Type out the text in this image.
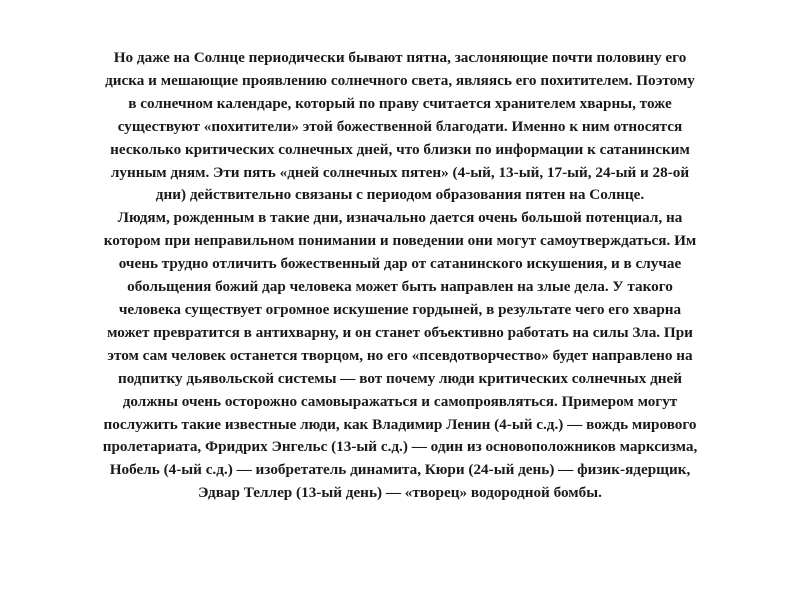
Но даже на Солнце периодически бывают пятна, заслоняющие почти половину его
диска и мешающие проявлению солнечного света, являясь его похитителем. Поэтому
в солнечном календаре, который по праву считается хранителем хварны, тоже
существуют «похитители» этой божественной благодати. Именно к ним относятся
несколько критических солнечных дней, что близки по информации к сатанинским
лунным дням. Эти пять «дней солнечных пятен» (4-ый, 13-ый, 17-ый, 24-ый и 28-ой
дни) действительно связаны с периодом образования пятен на Солнце.
Людям, рожденным в такие дни, изначально дается очень большой потенциал, на
котором при неправильном понимании и поведении они могут самоутверждаться. Им
очень трудно отличить божественный дар от сатанинского искушения, и в случае
обольщения божий дар человека может быть направлен на злые дела. У такого
человека существует огромное искушение гордыней, в результате чего его хварна
может превратится в антихварну, и он станет объективно работать на силы Зла. При
этом сам человек останется творцом, но его «псевдотворчество» будет направлено на
подпитку дьявольской системы — вот почему люди критических солнечных дней
должны очень осторожно самовыражаться и самопроявляться. Примером могут
послужить такие известные люди, как Владимир Ленин (4-ый с.д.) — вождь мирового
пролетариата, Фридрих Энгельс (13-ый с.д.) — один из основоположников марксизма,
Нобель (4-ый с.д.) — изобретатель динамита, Кюри (24-ый день) — физик-ядерщик,
Эдвар Теллер (13-ый день) — «творец» водородной бомбы.
